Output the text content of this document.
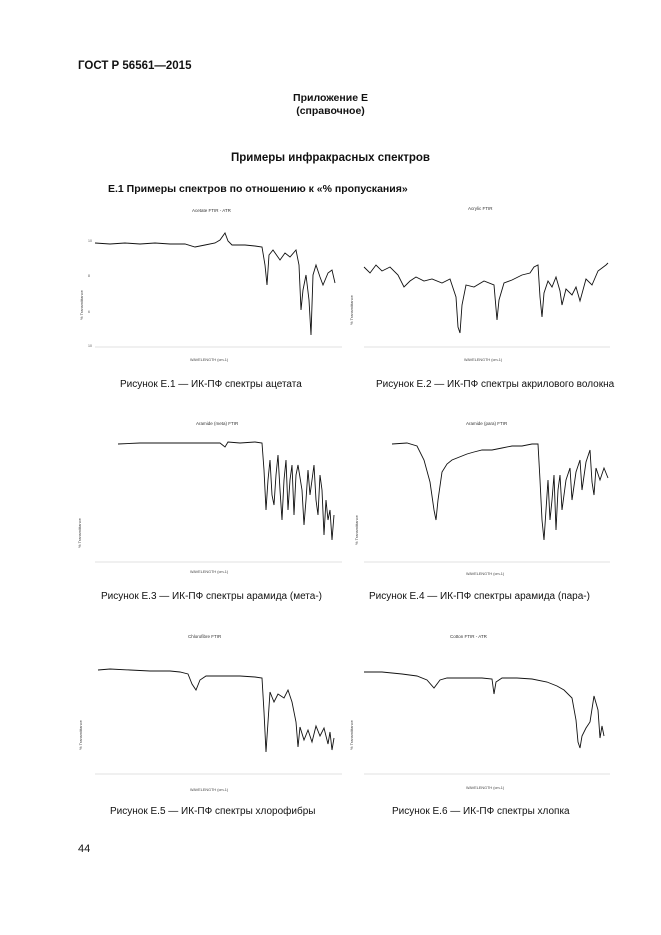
ГОСТ Р 56561—2015
Приложение Е
(справочное)
Примеры инфракрасных спектров
Е.1 Примеры спектров по отношению к «% пропускания»
Acetate FTIR - ATR
% Transmittance
10
8
6
10
WAVELENGTH (cm-1)
Рисунок Е.1 — ИК-ПФ спектры ацетата
Acrylic FTIR
% Transmittance
WAVELENGTH (cm-1)
Рисунок Е.2 — ИК-ПФ спектры акрилового волокна
Aramide (meta) FTIR
% Transmittance
WAVELENGTH (cm-1)
Рисунок Е.3 — ИК-ПФ спектры арамида (мета-)
Aramide (para) FTIR
% Transmittance
WAVELENGTH (cm-1)
Рисунок Е.4 — ИК-ПФ спектры арамида (пара-)
Chlorofibre FTIR
% Transmittance
WAVELENGTH (cm-1)
Рисунок Е.5 — ИК-ПФ спектры хлорофибры
Cotton FTIR - ATR
% Transmittance
WAVELENGTH (cm-1)
Рисунок Е.6 — ИК-ПФ спектры хлопка
44
